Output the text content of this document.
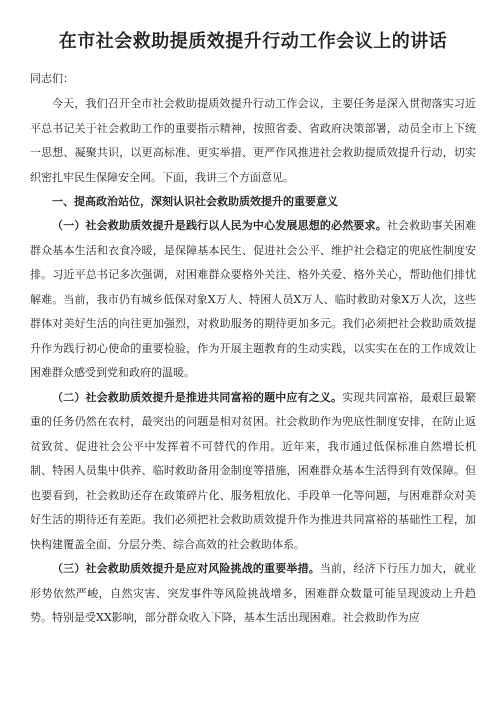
在市社会救助提质效提升行动工作会议上的讲话
同志们：

今天，我们召开全市社会救助提质效提升行动工作会议，主要任务是深入贯彻落实习近平总书记关于社会救助工作的重要指示精神，按照省委、省政府决策部署，动员全市上下统一思想、凝聚共识，以更高标准、更实举措、更严作风推进社会救助提质效提升行动，切实织密扎牢民生保障安全网。下面，我讲三个方面意见。

一、提高政治站位，深刻认识社会救助质效提升的重要意义

（一）社会救助质效提升是践行以人民为中心发展思想的必然要求。社会救助事关困难群众基本生活和衣食冷暖，是保障基本民生、促进社会公平、维护社会稳定的兜底性制度安排。习近平总书记多次强调，对困难群众要格外关注、格外关爱、格外关心，帮助他们排忧解难。当前，我市仍有城乡低保对象X万人、特困人员X万人、临时救助对象X万人次，这些群体对美好生活的向往更加强烈，对救助服务的期待更加多元。我们必须把社会救助质效提升作为践行初心使命的重要检验，作为开展主题教育的生动实践，以实实在在的工作成效让困难群众感受到党和政府的温暖。

（二）社会救助质效提升是推进共同富裕的题中应有之义。实现共同富裕，最艰巨最繁重的任务仍然在农村，最突出的问题是相对贫困。社会救助作为兜底性制度安排，在防止返贫致贫、促进社会公平中发挥着不可替代的作用。近年来，我市通过低保标准自然增长机制、特困人员集中供养、临时救助备用金制度等措施，困难群众基本生活得到有效保障。但也要看到，社会救助还存在政策碎片化、服务粗放化、手段单一化等问题，与困难群众对美好生活的期待还有差距。我们必须把社会救助质效提升作为推进共同富裕的基础性工程，加快构建覆盖全面、分层分类、综合高效的社会救助体系。

（三）社会救助质效提升是应对风险挑战的重要举措。当前，经济下行压力加大，就业形势依然严峻，自然灾害、突发事件等风险挑战增多，困难群众数量可能呈现波动上升趋势。特别是受XX影响，部分群众收入下降，基本生活出现困难。社会救助作为应
